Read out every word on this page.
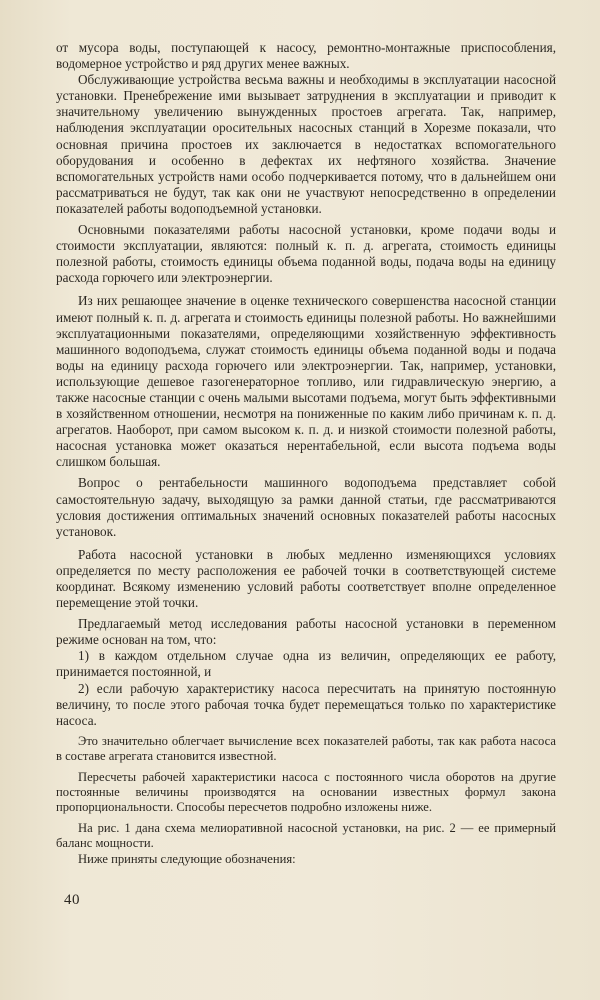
от мусора воды, поступающей к насосу, ремонтно-монтажные приспособления, водомерное устройство и ряд других менее важных.

Обслуживающие устройства весьма важны и необходимы в эксплуатации насосной установки. Пренебрежение ими вызывает затруднения в эксплуатации и приводит к значительному увеличению вынужденных простоев агрегата. Так, например, наблюдения эксплуатации оросительных насосных станций в Хорезме показали, что основная причина простоев их заключается в недостатках вспомогательного оборудования и особенно в дефектах их нефтяного хозяйства. Значение вспомогательных устройств нами особо подчеркивается потому, что в дальнейшем они рассматриваться не будут, так как они не участвуют непосредственно в определении показателей работы водоподъемной установки.

Основными показателями работы насосной установки, кроме подачи воды и стоимости эксплуатации, являются: полный к. п. д. агрегата, стоимость единицы полезной работы, стоимость единицы объема поданной воды, подача воды на единицу расхода горючего или электроэнергии.

Из них решающее значение в оценке технического совершенства насосной станции имеют полный к. п. д. агрегата и стоимость единицы полезной работы. Но важнейшими эксплуатационными показателями, определяющими хозяйственную эффективность машинного водоподъема, служат стоимость единицы объема поданной воды и подача воды на единицу расхода горючего или электроэнергии. Так, например, установки, использующие дешевое газогенераторное топливо, или гидравлическую энергию, а также насосные станции с очень малыми высотами подъема, могут быть эффективными в хозяйственном отношении, несмотря на пониженные по каким либо причинам к. п. д. агрегатов. Наоборот, при самом высоком к. п. д. и низкой стоимости полезной работы, насосная установка может оказаться нерентабельной, если высота подъема воды слишком большая.

Вопрос о рентабельности машинного водоподъема представляет собой самостоятельную задачу, выходящую за рамки данной статьи, где рассматриваются условия достижения оптимальных значений основных показателей работы насосных установок.

Работа насосной установки в любых медленно изменяющихся условиях определяется по месту расположения ее рабочей точки в соответствующей системе координат. Всякому изменению условий работы соответствует вполне определенное перемещение этой точки.

Предлагаемый метод исследования работы насосной установки в переменном режиме основан на том, что:

1) в каждом отдельном случае одна из величин, определяющих ее работу, принимается постоянной, и

2) если рабочую характеристику насоса пересчитать на принятую постоянную величину, то после этого рабочая точка будет перемещаться только по характеристике насоса.

Это значительно облегчает вычисление всех показателей работы, так как работа насоса в составе агрегата становится известной.

Пересчеты рабочей характеристики насоса с постоянного числа оборотов на другие постоянные величины производятся на основании известных формул закона пропорциональности. Способы пересчетов подробно изложены ниже.

На рис. 1 дана схема мелиоративной насосной установки, на рис. 2 — ее примерный баланс мощности.

Ниже приняты следующие обозначения:

40
